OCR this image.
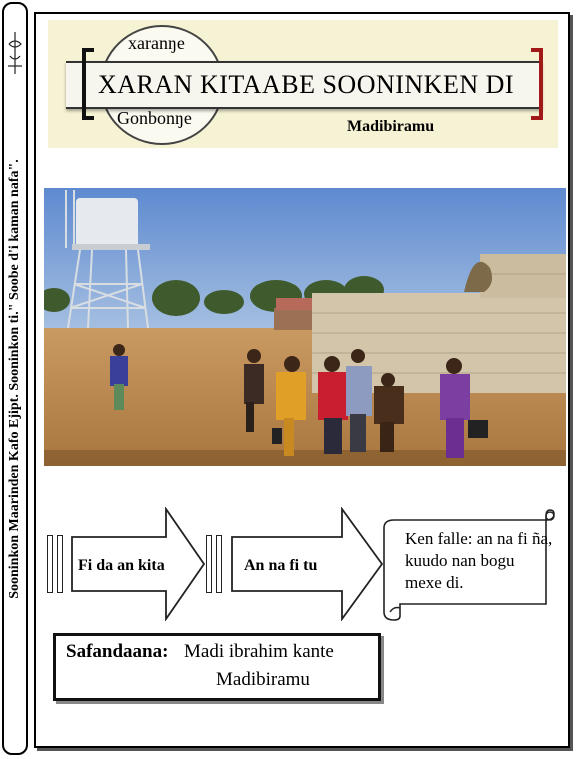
Sooninkon Maarinden Kafo Ejipt. Sooninkon ti." Soobe d'i kaman nafa".
xaranŋe
XARAN KITAABE SOONINKEN DI
Gonbonŋe	Madibiramu
Fi da an kita	An na fi tu
Ken falle: an na fi ña, kuudo nan bogu mexe di.
Safandaana: Madi ibrahim kante
Madibiramu
